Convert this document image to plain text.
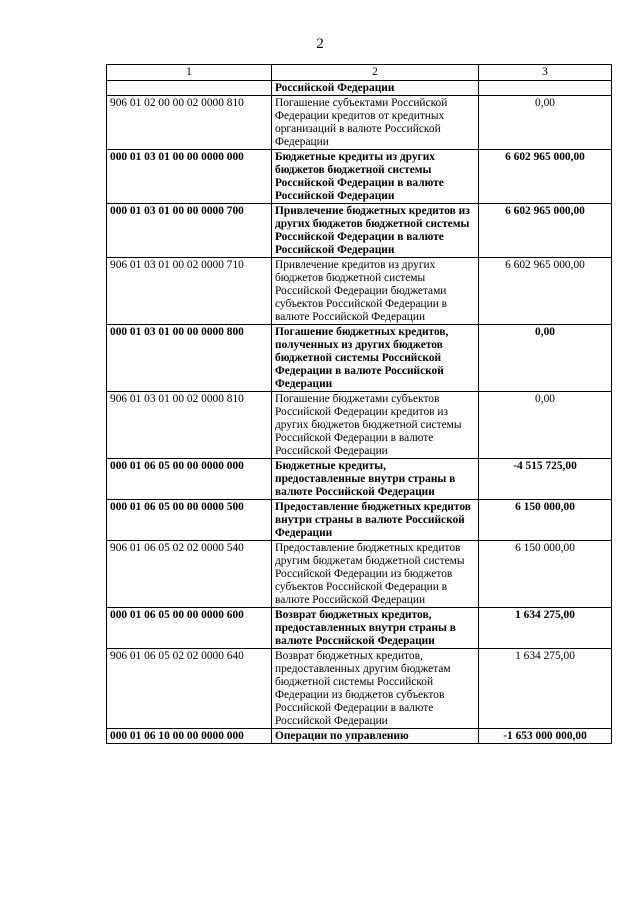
2
1	2	3
	Российской Федерации	
906 01 02 00 00 02 0000 810	Погашение субъектами Российской Федерации кредитов от кредитных организаций в валюте Российской Федерации	0,00
000 01 03 01 00 00 0000 000	Бюджетные кредиты из других бюджетов бюджетной системы Российской Федерации в валюте Российской Федерации	6 602 965 000,00
000 01 03 01 00 00 0000 700	Привлечение бюджетных кредитов из других бюджетов бюджетной системы Российской Федерации в валюте Российской Федерации	6 602 965 000,00
906 01 03 01 00 02 0000 710	Привлечение кредитов из других бюджетов бюджетной системы Российской Федерации бюджетами субъектов Российской Федерации в валюте Российской Федерации	6 602 965 000,00
000 01 03 01 00 00 0000 800	Погашение бюджетных кредитов, полученных из других бюджетов бюджетной системы Российской Федерации в валюте Российской Федерации	0,00
906 01 03 01 00 02 0000 810	Погашение бюджетами субъектов Российской Федерации кредитов из других бюджетов бюджетной системы Российской Федерации в валюте Российской Федерации	0,00
000 01 06 05 00 00 0000 000	Бюджетные кредиты, предоставленные внутри страны в валюте Российской Федерации	-4 515 725,00
000 01 06 05 00 00 0000 500	Предоставление бюджетных кредитов внутри страны в валюте Российской Федерации	6 150 000,00
906 01 06 05 02 02 0000 540	Предоставление бюджетных кредитов другим бюджетам бюджетной системы Российской Федерации из бюджетов субъектов Российской Федерации в валюте Российской Федерации	6 150 000,00
000 01 06 05 00 00 0000 600	Возврат бюджетных кредитов, предоставленных внутри страны в валюте Российской Федерации	1 634 275,00
906 01 06 05 02 02 0000 640	Возврат бюджетных кредитов, предоставленных другим бюджетам бюджетной системы Российской Федерации из бюджетов субъектов Российской Федерации в валюте Российской Федерации	1 634 275,00
000 01 06 10 00 00 0000 000	Операции по управлению	-1 653 000 000,00
